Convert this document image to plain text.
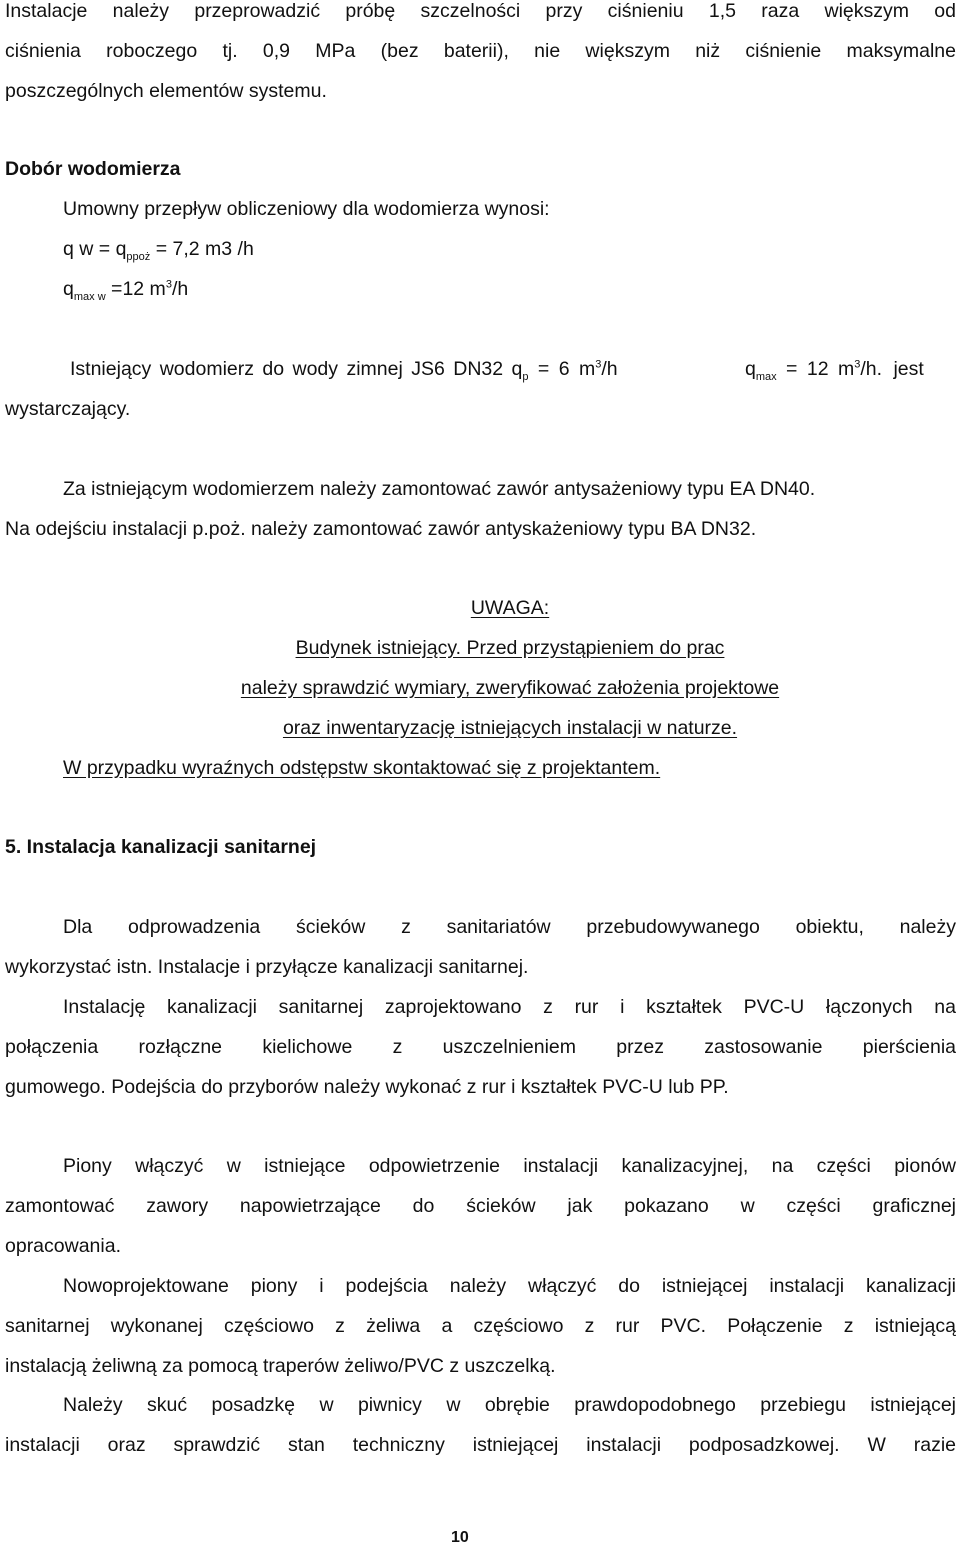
Instalacje należy przeprowadzić próbę szczelności przy ciśnieniu 1,5 raza większym od
ciśnienia roboczego tj. 0,9 MPa (bez baterii), nie większym niż ciśnienie maksymalne
poszczególnych elementów systemu.
Dobór wodomierza
Umowny przepływ obliczeniowy dla wodomierza wynosi:
q $w = q_{ppoż} = 7,2$ m3 /h
$q_{max w} =12$ $m^3/h$
Istniejący wodomierz do wody zimnej JS6 DN32 $q_p = 6$ $m^3/h$	$q_{max} = 12$ $m^3/h$. jest
wystarczający.
Za istniejącym wodomierzem należy zamontować zawór antysażeniowy typu EA DN40.
Na odejściu instalacji p.poż. należy zamontować zawór antyskażeniowy typu BA DN32.
UWAGA:
Budynek istniejący. Przed przystąpieniem do prac
należy sprawdzić wymiary, zweryfikować założenia projektowe
oraz inwentaryzację istniejących instalacji w naturze.
W przypadku wyraźnych odstępstw skontaktować się z projektantem.
5. Instalacja kanalizacji sanitarnej
Dla odprowadzenia ścieków z sanitariatów przebudowywanego obiektu, należy
wykorzystać istn. Instalacje i przyłącze kanalizacji sanitarnej.
Instalację kanalizacji sanitarnej zaprojektowano z rur i kształtek PVC-U łączonych na
połączenia rozłączne kielichowe z uszczelnieniem przez zastosowanie pierścienia
gumowego. Podejścia do przyborów należy wykonać z rur i kształtek PVC-U lub PP.
Piony włączyć w istniejące odpowietrzenie instalacji kanalizacyjnej, na części pionów
zamontować zawory napowietrzające do ścieków jak pokazano w części graficznej
opracowania.
Nowoprojektowane piony i podejścia należy włączyć do istniejącej instalacji kanalizacji
sanitarnej wykonanej częściowo z żeliwa a częściowo z rur PVC. Połączenie z istniejącą
instalacją żeliwną za pomocą traperów żeliwo/PVC z uszczelką.
Należy skuć posadzkę w piwnicy w obrębie prawdopodobnego przebiegu istniejącej
instalacji oraz sprawdzić stan techniczny istniejącej instalacji podposadzkowej. W razie
10
